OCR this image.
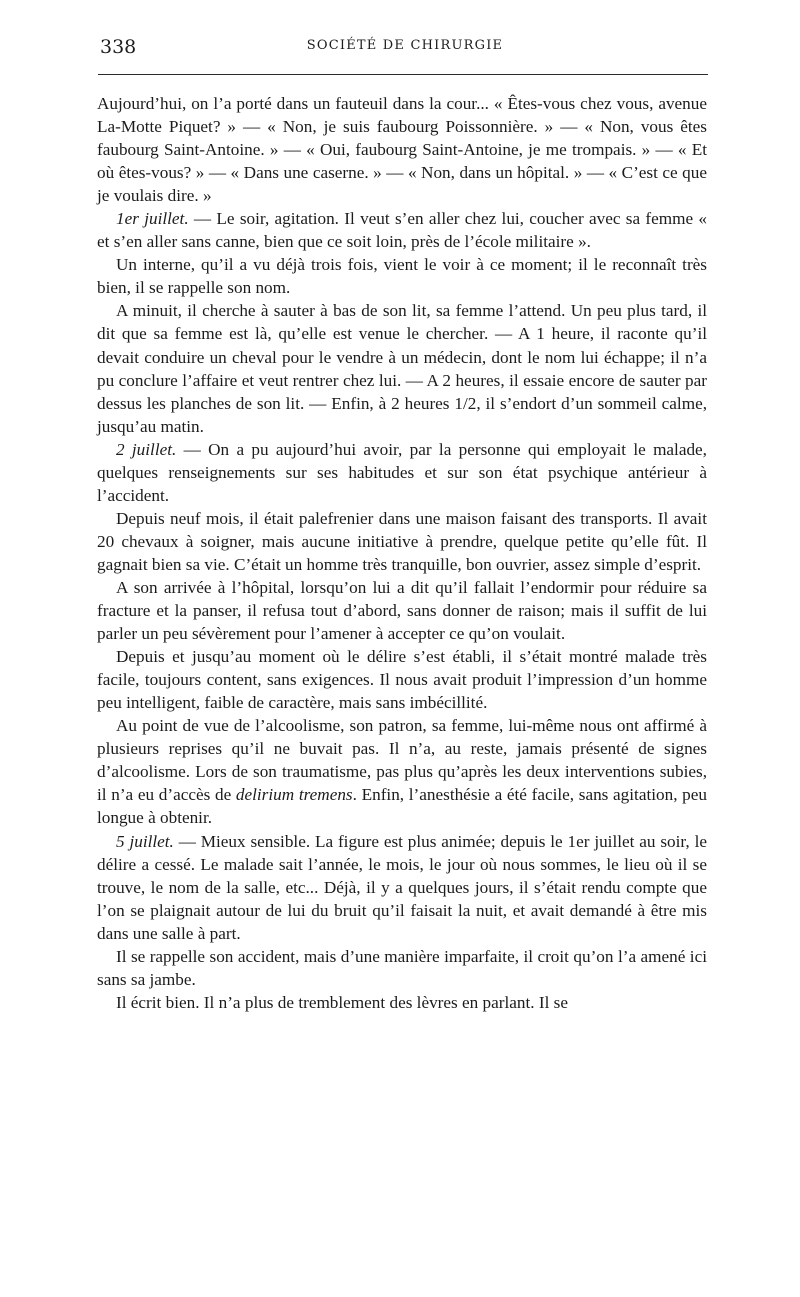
338	SOCIÉTÉ DE CHIRURGIE

Aujourd’hui, on l’a porté dans un fauteuil dans la cour... « Êtes-vous chez vous, avenue La-Motte Piquet? » — « Non, je suis faubourg Poissonnière. » — « Non, vous êtes faubourg Saint-Antoine. » — « Oui, faubourg Saint-Antoine, je me trompais. » — « Et où êtes-vous? » — « Dans une caserne. » — « Non, dans un hôpital. » — « C’est ce que je voulais dire. »

1er juillet. — Le soir, agitation. Il veut s’en aller chez lui, coucher avec sa femme « et s’en aller sans canne, bien que ce soit loin, près de l’école militaire ».

Un interne, qu’il a vu déjà trois fois, vient le voir à ce moment; il le reconnaît très bien, il se rappelle son nom.

A minuit, il cherche à sauter à bas de son lit, sa femme l’attend. Un peu plus tard, il dit que sa femme est là, qu’elle est venue le chercher. — A 1 heure, il raconte qu’il devait conduire un cheval pour le vendre à un médecin, dont le nom lui échappe; il n’a pu conclure l’affaire et veut rentrer chez lui. — A 2 heures, il essaie encore de sauter par dessus les planches de son lit. — Enfin, à 2 heures 1/2, il s’endort d’un sommeil calme, jusqu’au matin.

2 juillet. — On a pu aujourd’hui avoir, par la personne qui employait le malade, quelques renseignements sur ses habitudes et sur son état psychique antérieur à l’accident.

Depuis neuf mois, il était palefrenier dans une maison faisant des transports. Il avait 20 chevaux à soigner, mais aucune initiative à prendre, quelque petite qu’elle fût. Il gagnait bien sa vie. C’était un homme très tranquille, bon ouvrier, assez simple d’esprit.

A son arrivée à l’hôpital, lorsqu’on lui a dit qu’il fallait l’endormir pour réduire sa fracture et la panser, il refusa tout d’abord, sans donner de raison; mais il suffit de lui parler un peu sévèrement pour l’amener à accepter ce qu’on voulait.

Depuis et jusqu’au moment où le délire s’est établi, il s’était montré malade très facile, toujours content, sans exigences. Il nous avait produit l’impression d’un homme peu intelligent, faible de caractère, mais sans imbécillité.

Au point de vue de l’alcoolisme, son patron, sa femme, lui-même nous ont affirmé à plusieurs reprises qu’il ne buvait pas. Il n’a, au reste, jamais présenté de signes d’alcoolisme. Lors de son traumatisme, pas plus qu’après les deux interventions subies, il n’a eu d’accès de delirium tremens. Enfin, l’anesthésie a été facile, sans agitation, peu longue à obtenir.

5 juillet. — Mieux sensible. La figure est plus animée; depuis le 1er juillet au soir, le délire a cessé. Le malade sait l’année, le mois, le jour où nous sommes, le lieu où il se trouve, le nom de la salle, etc... Déjà, il y a quelques jours, il s’était rendu compte que l’on se plaignait autour de lui du bruit qu’il faisait la nuit, et avait demandé à être mis dans une salle à part.

Il se rappelle son accident, mais d’une manière imparfaite, il croit qu’on l’a amené ici sans sa jambe.

Il écrit bien. Il n’a plus de tremblement des lèvres en parlant. Il se
